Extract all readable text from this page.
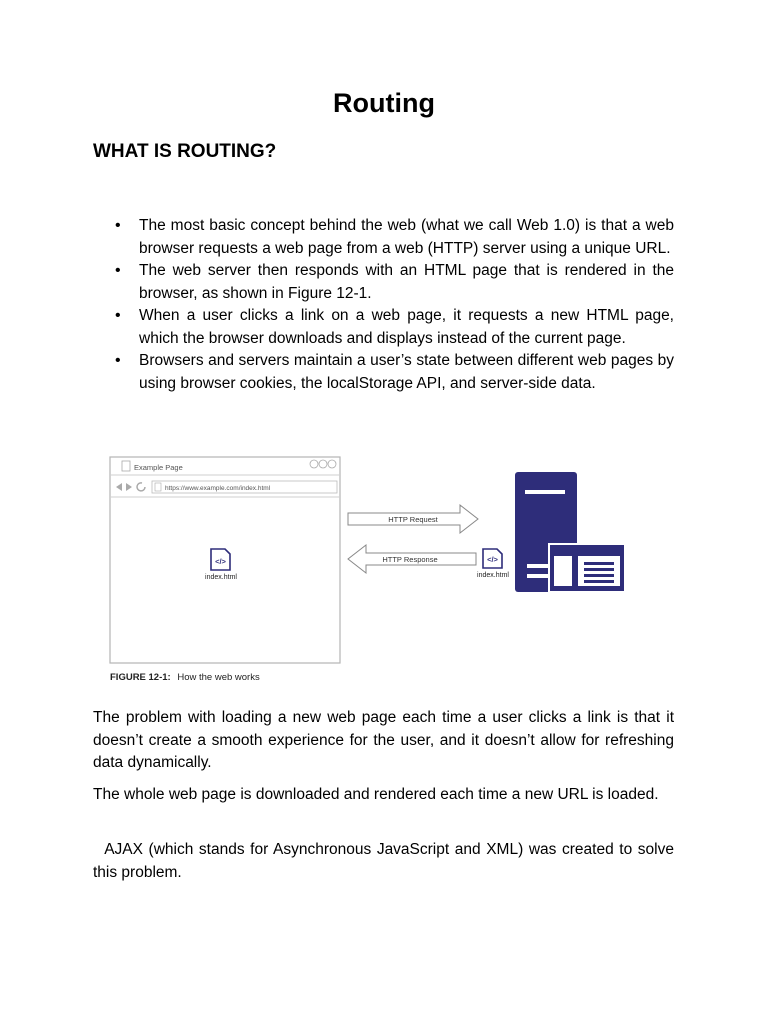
Routing
WHAT IS ROUTING?
• The most basic concept behind the web (what we call Web 1.0) is that a web browser requests a web page from a web (HTTP) server using a unique URL.
• The web server then responds with an HTML page that is rendered in the browser, as shown in Figure 12-1.
• When a user clicks a link on a web page, it requests a new HTML page, which the browser downloads and displays instead of the current page.
• Browsers and servers maintain a user’s state between different web pages by using browser cookies, the localStorage API, and server-side data.
Example Page
https://www.example.com/index.html
</>
index.html
HTTP Request
HTTP Response	</>
index.html
FIGURE 12-1: How the web works

The problem with loading a new web page each time a user clicks a link is that it doesn’t create a smooth experience for the user, and it doesn’t allow for refreshing data dynamically.

The whole web page is downloaded and rendered each time a new URL is loaded.

AJAX (which stands for Asynchronous JavaScript and XML) was created to solve this problem.
